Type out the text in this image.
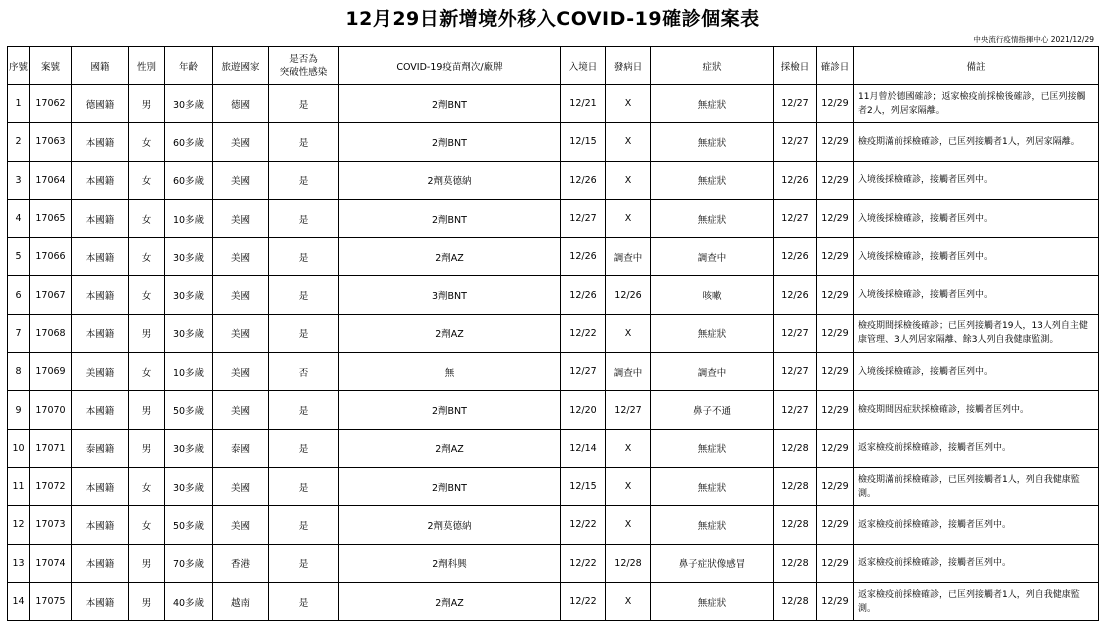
12月29日新增境外移入COVID-19確診個案表
中央流行疫情指揮中心 2021/12/29
序號	案號	國籍	性別	年齡	旅遊國家	是否為
突破性感染	COVID-19疫苗劑次/廠牌	入境日	發病日	症狀	採檢日	確診日	備註
1	17062	德國籍	男	30多歲	德國	是	2劑BNT	12/21	X	無症狀	12/27	12/29	11月曾於德國確診；返家檢疫前採檢後確診，已匡列接觸者2人，列居家隔離。
2	17063	本國籍	女	60多歲	美國	是	2劑BNT	12/15	X	無症狀	12/27	12/29	檢疫期滿前採檢確診，已匡列接觸者1人，列居家隔離。
3	17064	本國籍	女	60多歲	美國	是	2劑莫德納	12/26	X	無症狀	12/26	12/29	入境後採檢確診，接觸者匡列中。
4	17065	本國籍	女	10多歲	美國	是	2劑BNT	12/27	X	無症狀	12/27	12/29	入境後採檢確診，接觸者匡列中。
5	17066	本國籍	女	30多歲	美國	是	2劑AZ	12/26	調查中	調查中	12/26	12/29	入境後採檢確診，接觸者匡列中。
6	17067	本國籍	女	30多歲	美國	是	3劑BNT	12/26	12/26	咳嗽	12/26	12/29	入境後採檢確診，接觸者匡列中。
7	17068	本國籍	男	30多歲	美國	是	2劑AZ	12/22	X	無症狀	12/27	12/29	檢疫期間採檢後確診；已匡列接觸者19人，13人列自主健康管理、3人列居家隔離、餘3人列自我健康監測。
8	17069	美國籍	女	10多歲	美國	否	無	12/27	調查中	調查中	12/27	12/29	入境後採檢確診，接觸者匡列中。
9	17070	本國籍	男	50多歲	美國	是	2劑BNT	12/20	12/27	鼻子不通	12/27	12/29	檢疫期間因症狀採檢確診，接觸者匡列中。
10	17071	泰國籍	男	30多歲	泰國	是	2劑AZ	12/14	X	無症狀	12/28	12/29	返家檢疫前採檢確診，接觸者匡列中。
11	17072	本國籍	女	30多歲	美國	是	2劑BNT	12/15	X	無症狀	12/28	12/29	檢疫期滿前採檢確診，已匡列接觸者1人，列自我健康監測。
12	17073	本國籍	女	50多歲	美國	是	2劑莫德納	12/22	X	無症狀	12/28	12/29	返家檢疫前採檢確診，接觸者匡列中。
13	17074	本國籍	男	70多歲	香港	是	2劑科興	12/22	12/28	鼻子症狀像感冒	12/28	12/29	返家檢疫前採檢確診，接觸者匡列中。
14	17075	本國籍	男	40多歲	越南	是	2劑AZ	12/22	X	無症狀	12/28	12/29	返家檢疫前採檢確診，已匡列接觸者1人，列自我健康監測。
